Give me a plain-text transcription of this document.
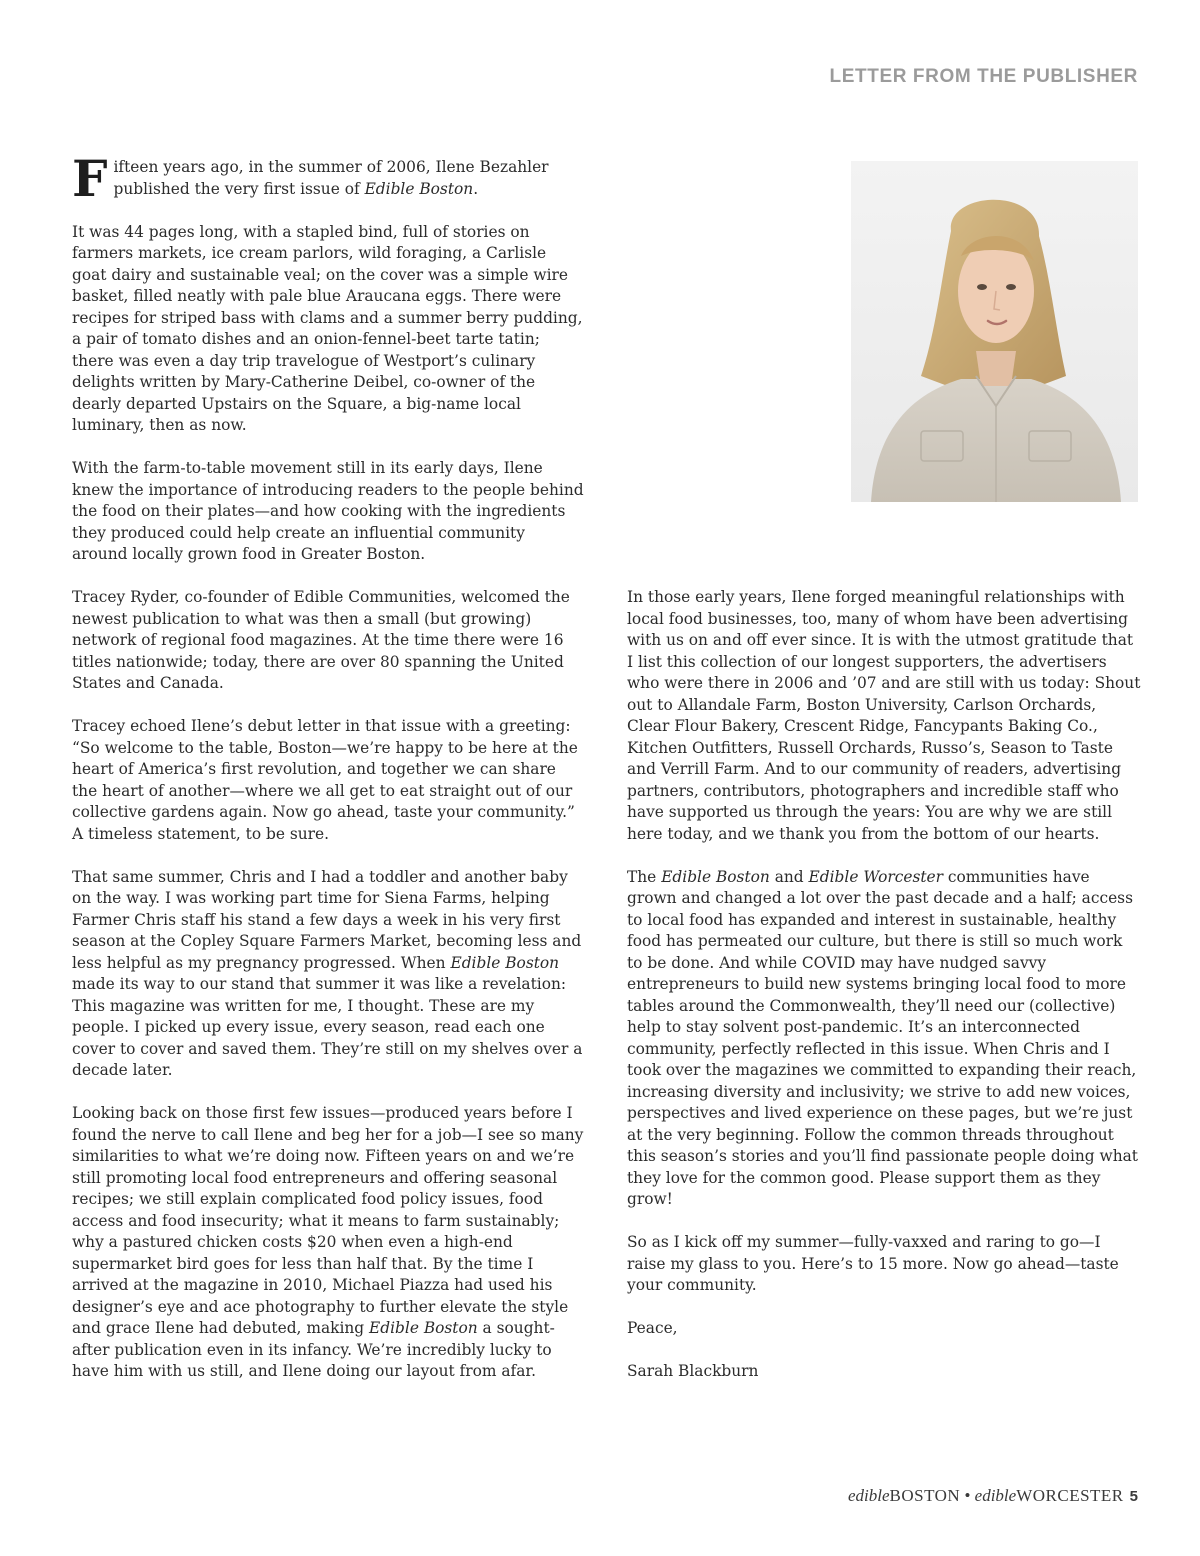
LETTER FROM THE PUBLISHER

Fifteen years ago, in the summer of 2006, Ilene Bezahler published the very first issue of Edible Boston.

It was 44 pages long, with a stapled bind, full of stories on farmers markets, ice cream parlors, wild foraging, a Carlisle goat dairy and sustainable veal; on the cover was a simple wire basket, filled neatly with pale blue Araucana eggs. There were recipes for striped bass with clams and a summer berry pudding, a pair of tomato dishes and an onion-fennel-beet tarte tatin; there was even a day trip travelogue of Westport’s culinary delights written by Mary-Catherine Deibel, co-owner of the dearly departed Upstairs on the Square, a big-name local luminary, then as now.

With the farm-to-table movement still in its early days, Ilene knew the importance of introducing readers to the people behind the food on their plates—and how cooking with the ingredients they produced could help create an influential community around locally grown food in Greater Boston.

Tracey Ryder, co-founder of Edible Communities, welcomed the newest publication to what was then a small (but growing) network of regional food magazines. At the time there were 16 titles nationwide; today, there are over 80 spanning the United States and Canada.

Tracey echoed Ilene’s debut letter in that issue with a greeting: “So welcome to the table, Boston—we’re happy to be here at the heart of America’s first revolution, and together we can share the heart of another—where we all get to eat straight out of our collective gardens again. Now go ahead, taste your community.” A timeless statement, to be sure.

That same summer, Chris and I had a toddler and another baby on the way. I was working part time for Siena Farms, helping Farmer Chris staff his stand a few days a week in his very first season at the Copley Square Farmers Market, becoming less and less helpful as my pregnancy progressed. When Edible Boston made its way to our stand that summer it was like a revelation: This magazine was written for me, I thought. These are my people. I picked up every issue, every season, read each one cover to cover and saved them. They’re still on my shelves over a decade later.

Looking back on those first few issues—produced years before I found the nerve to call Ilene and beg her for a job—I see so many similarities to what we’re doing now. Fifteen years on and we’re still promoting local food entrepreneurs and offering seasonal recipes; we still explain complicated food policy issues, food access and food insecurity; what it means to farm sustainably; why a pastured chicken costs $20 when even a high-end supermarket bird goes for less than half that. By the time I arrived at the magazine in 2010, Michael Piazza had used his designer’s eye and ace photography to further elevate the style and grace Ilene had debuted, making Edible Boston a sought-after publication even in its infancy. We’re incredibly lucky to have him with us still, and Ilene doing our layout from afar.

In those early years, Ilene forged meaningful relationships with local food businesses, too, many of whom have been advertising with us on and off ever since. It is with the utmost gratitude that I list this collection of our longest supporters, the advertisers who were there in 2006 and ’07 and are still with us today: Shout out to Allandale Farm, Boston University, Carlson Orchards, Clear Flour Bakery, Crescent Ridge, Fancypants Baking Co., Kitchen Outfitters, Russell Orchards, Russo’s, Season to Taste and Verrill Farm. And to our community of readers, advertising partners, contributors, photographers and incredible staff who have supported us through the years: You are why we are still here today, and we thank you from the bottom of our hearts.

The Edible Boston and Edible Worcester communities have grown and changed a lot over the past decade and a half; access to local food has expanded and interest in sustainable, healthy food has permeated our culture, but there is still so much work to be done. And while COVID may have nudged savvy entrepreneurs to build new systems bringing local food to more tables around the Commonwealth, they’ll need our (collective) help to stay solvent post-pandemic. It’s an interconnected community, perfectly reflected in this issue. When Chris and I took over the magazines we committed to expanding their reach, increasing diversity and inclusivity; we strive to add new voices, perspectives and lived experience on these pages, but we’re just at the very beginning. Follow the common threads throughout this season’s stories and you’ll find passionate people doing what they love for the common good. Please support them as they grow!

So as I kick off my summer—fully-vaxxed and raring to go—I raise my glass to you. Here’s to 15 more. Now go ahead—taste your community.

Peace,

Sarah Blackburn

edibleBOSTON • edibleWORCESTER 5
